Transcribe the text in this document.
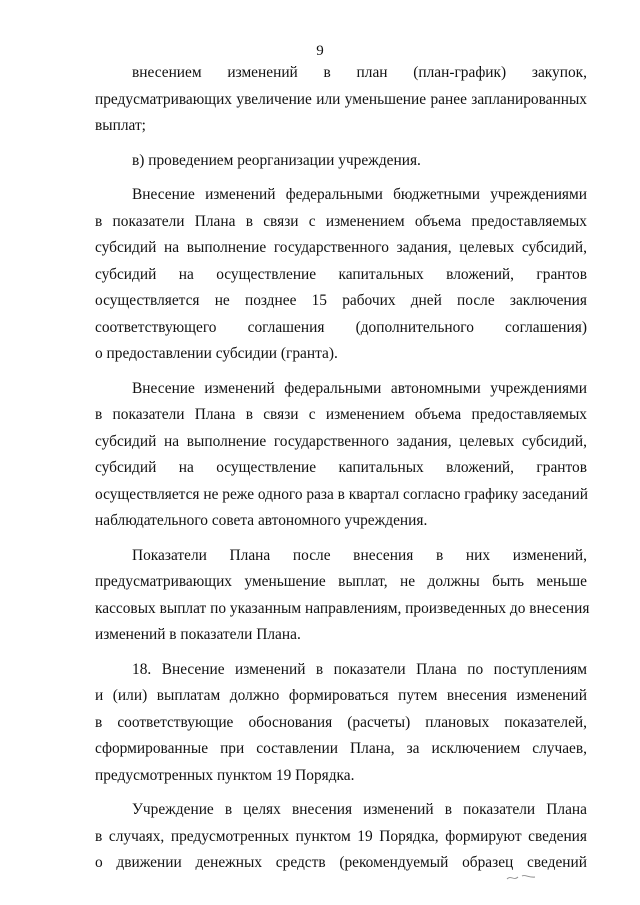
9
внесением изменений в план (план-график) закупок,
предусматривающих увеличение или уменьшение ранее запланированных
выплат;
в) проведением реорганизации учреждения.
Внесение изменений федеральными бюджетными учреждениями
в показатели Плана в связи с изменением объема предоставляемых
субсидий на выполнение государственного задания, целевых субсидий,
субсидий на осуществление капитальных вложений, грантов
осуществляется не позднее 15 рабочих дней после заключения
соответствующего соглашения (дополнительного соглашения)
о предоставлении субсидии (гранта).
Внесение изменений федеральными автономными учреждениями
в показатели Плана в связи с изменением объема предоставляемых
субсидий на выполнение государственного задания, целевых субсидий,
субсидий на осуществление капитальных вложений, грантов
осуществляется не реже одного раза в квартал согласно графику заседаний
наблюдательного совета автономного учреждения.
Показатели Плана после внесения в них изменений,
предусматривающих уменьшение выплат, не должны быть меньше
кассовых выплат по указанным направлениям, произведенных до внесения
изменений в показатели Плана.
18. Внесение изменений в показатели Плана по поступлениям
и (или) выплатам должно формироваться путем внесения изменений
в соответствующие обоснования (расчеты) плановых показателей,
сформированные при составлении Плана, за исключением случаев,
предусмотренных пунктом 19 Порядка.
Учреждение в целях внесения изменений в показатели Плана
в случаях, предусмотренных пунктом 19 Порядка, формируют сведения
о движении денежных средств (рекомендуемый образец сведений
